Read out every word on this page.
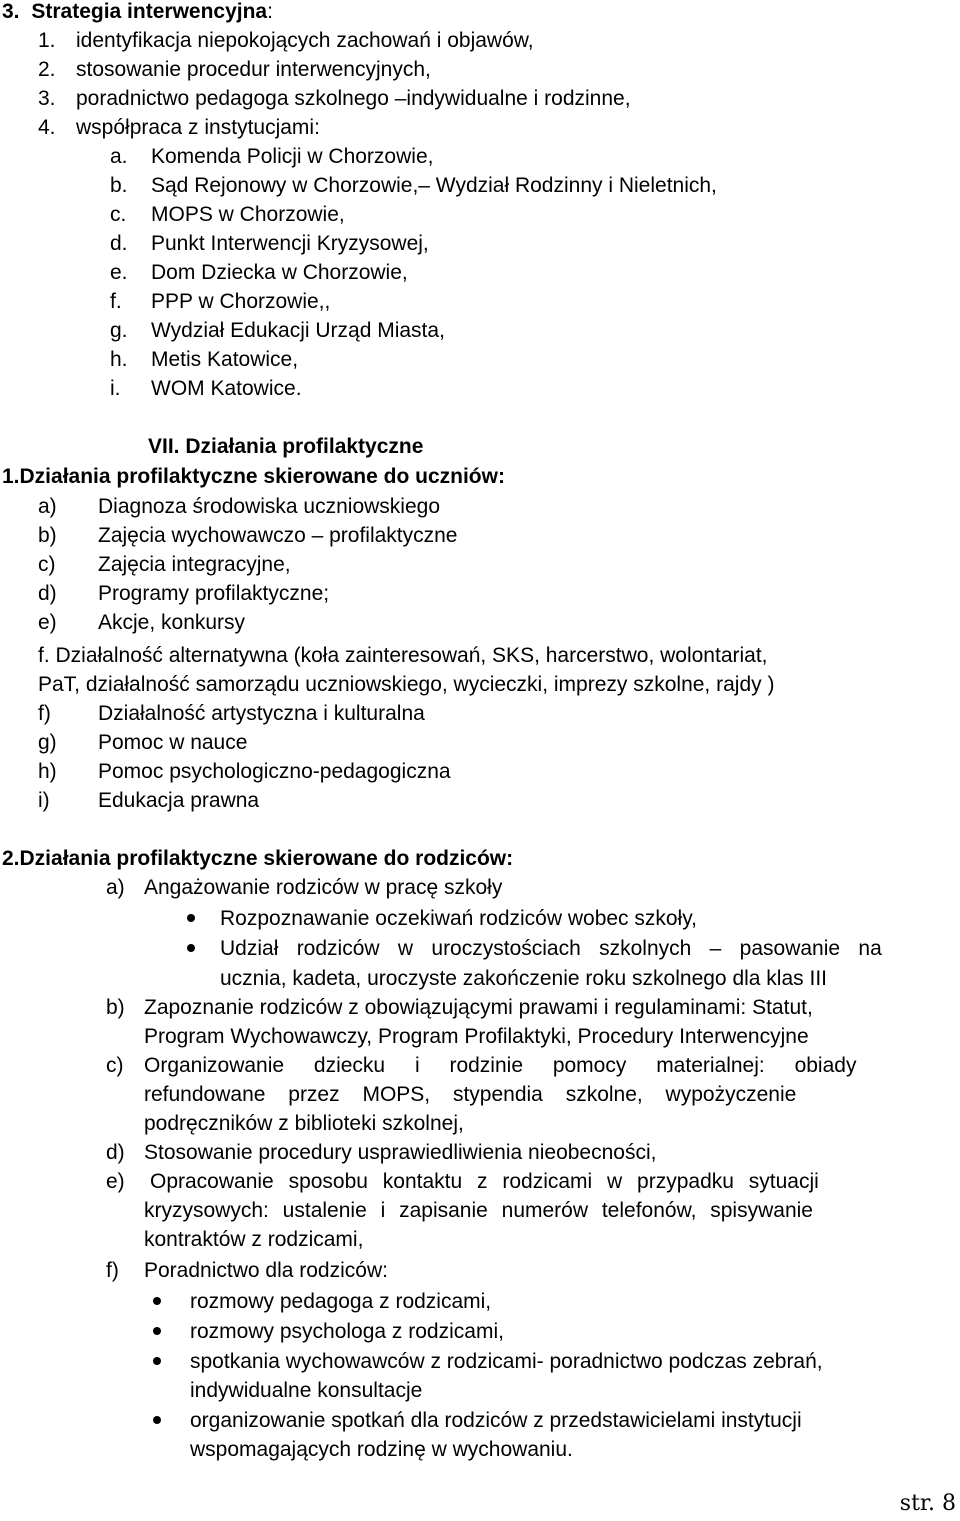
3. Strategia interwencyjna:
1. identyfikacja niepokojących zachowań i objawów,
2. stosowanie procedur interwencyjnych,
3. poradnictwo pedagoga szkolnego –indywidualne i rodzinne,
4. współpraca z instytucjami:
a. Komenda Policji w Chorzowie,
b. Sąd Rejonowy w Chorzowie,– Wydział Rodzinny i Nieletnich,
c. MOPS w Chorzowie,
d. Punkt Interwencji Kryzysowej,
e. Dom Dziecka w Chorzowie,
f. PPP w Chorzowie,,
g. Wydział Edukacji Urząd Miasta,
h. Metis Katowice,
i. WOM Katowice.
VII. Działania profilaktyczne
1.Działania profilaktyczne skierowane do uczniów:
a) Diagnoza środowiska uczniowskiego
b) Zajęcia wychowawczo – profilaktyczne
c) Zajęcia integracyjne,
d) Programy profilaktyczne;
e) Akcje, konkursy
f. Działalność alternatywna (koła zainteresowań, SKS, harcerstwo, wolontariat,
PaT, działalność samorządu uczniowskiego, wycieczki, imprezy szkolne, rajdy )
f) Działalność artystyczna i kulturalna
g) Pomoc w nauce
h) Pomoc psychologiczno-pedagogiczna
i) Edukacja prawna
2.Działania profilaktyczne skierowane do rodziców:
a) Angażowanie rodziców w pracę szkoły
Rozpoznawanie oczekiwań rodziców wobec szkoły,
Udział rodziców w uroczystościach szkolnych – pasowanie na
ucznia, kadeta, uroczyste zakończenie roku szkolnego dla klas III
b) Zapoznanie rodziców z obowiązującymi prawami i regulaminami: Statut,
Program Wychowawczy, Program Profilaktyki, Procedury Interwencyjne
c) Organizowanie dziecku i rodzinie pomocy materialnej: obiady
refundowane przez MOPS, stypendia szkolne, wypożyczenie
podręczników z biblioteki szkolnej,
d) Stosowanie procedury usprawiedliwienia nieobecności,
e) Opracowanie sposobu kontaktu z rodzicami w przypadku sytuacji
kryzysowych: ustalenie i zapisanie numerów telefonów, spisywanie
kontraktów z rodzicami,
f) Poradnictwo dla rodziców:
rozmowy pedagoga z rodzicami,
rozmowy psychologa z rodzicami,
spotkania wychowawców z rodzicami- poradnictwo podczas zebrań,
indywidualne konsultacje
organizowanie spotkań dla rodziców z przedstawicielami instytucji
wspomagających rodzinę w wychowaniu.
str. 8
